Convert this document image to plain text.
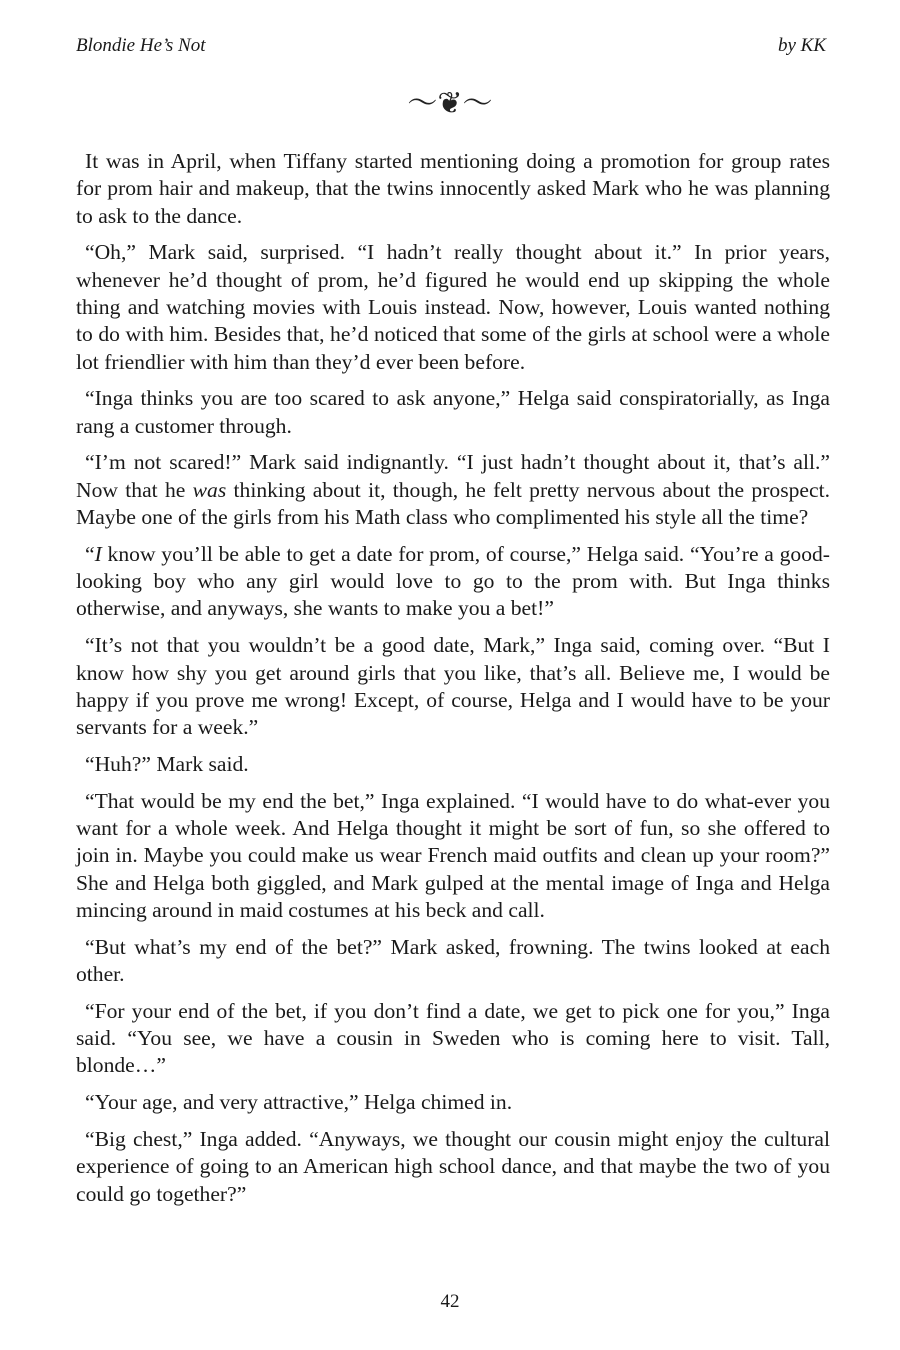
Blondie He’s Not	by KK
〜❦〜

It was in April, when Tiffany started mentioning doing a promotion for group rates for prom hair and makeup, that the twins innocently asked Mark who he was planning to ask to the dance.

“Oh,” Mark said, surprised. “I hadn’t really thought about it.” In prior years, whenever he’d thought of prom, he’d figured he would end up skipping the whole thing and watching movies with Louis instead. Now, however, Louis wanted nothing to do with him. Besides that, he’d noticed that some of the girls at school were a whole lot friendlier with him than they’d ever been before.

“Inga thinks you are too scared to ask anyone,” Helga said conspiratorially, as Inga rang a customer through.

“I’m not scared!” Mark said indignantly. “I just hadn’t thought about it, that’s all.” Now that he was thinking about it, though, he felt pretty nervous about the prospect. Maybe one of the girls from his Math class who complimented his style all the time?

“I know you’ll be able to get a date for prom, of course,” Helga said. “You’re a good-looking boy who any girl would love to go to the prom with. But Inga thinks otherwise, and anyways, she wants to make you a bet!”

“It’s not that you wouldn’t be a good date, Mark,” Inga said, coming over. “But I know how shy you get around girls that you like, that’s all. Believe me, I would be happy if you prove me wrong! Except, of course, Helga and I would have to be your servants for a week.”

“Huh?” Mark said.

“That would be my end the bet,” Inga explained. “I would have to do what-ever you want for a whole week. And Helga thought it might be sort of fun, so she offered to join in. Maybe you could make us wear French maid outfits and clean up your room?” She and Helga both giggled, and Mark gulped at the mental image of Inga and Helga mincing around in maid costumes at his beck and call.

“But what’s my end of the bet?” Mark asked, frowning. The twins looked at each other.

“For your end of the bet, if you don’t find a date, we get to pick one for you,” Inga said. “You see, we have a cousin in Sweden who is coming here to visit. Tall, blonde…”

“Your age, and very attractive,” Helga chimed in.

“Big chest,” Inga added. “Anyways, we thought our cousin might enjoy the cultural experience of going to an American high school dance, and that maybe the two of you could go together?”

42
